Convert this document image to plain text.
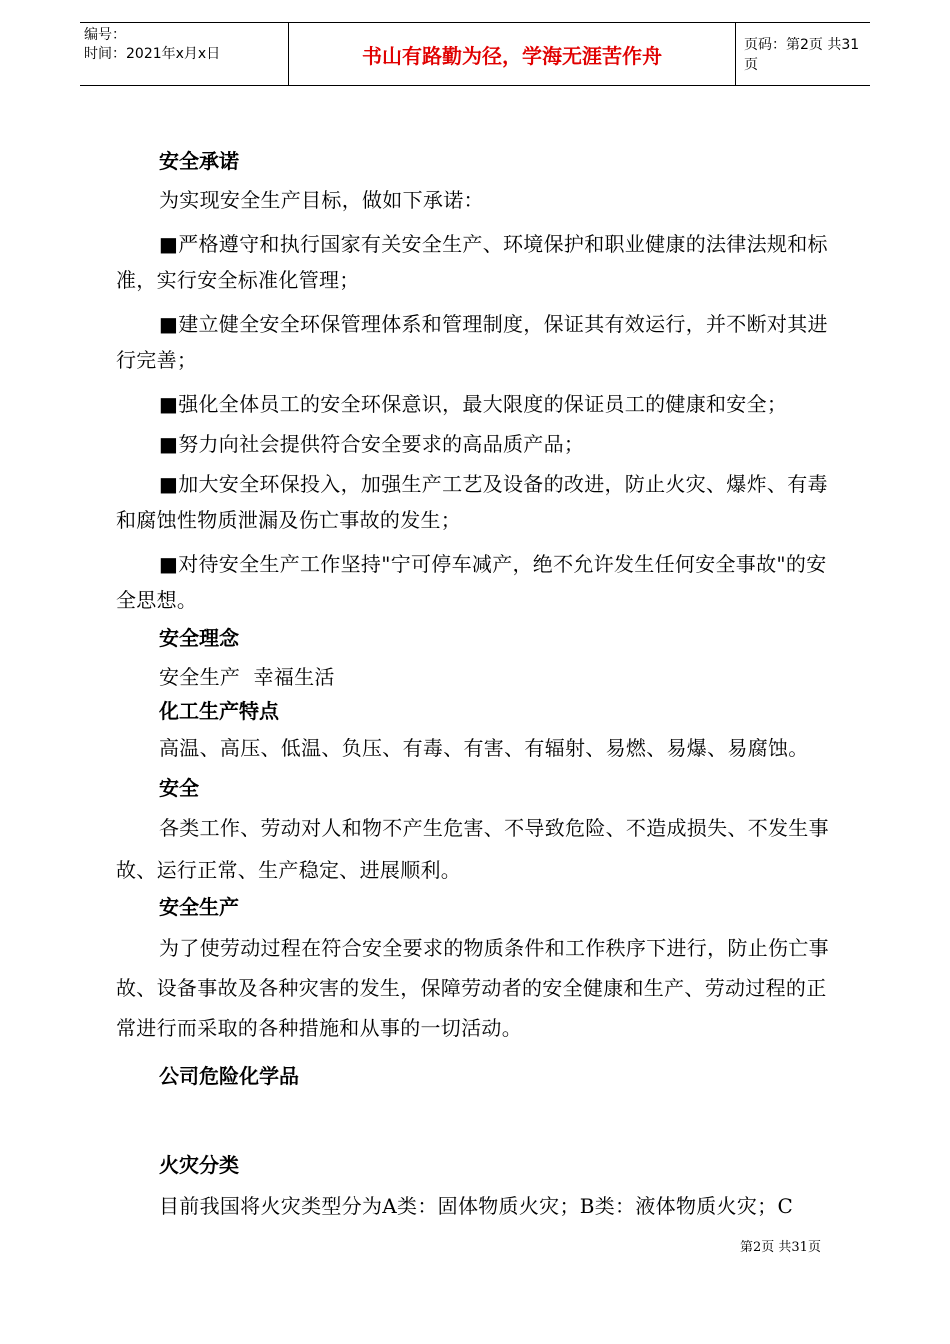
编号：
时间：2021年x月x日	书山有路勤为径，学海无涯苦作舟	页码：第2页 共31页

安全承诺

为实现安全生产目标，做如下承诺：

■严格遵守和执行国家有关安全生产、环境保护和职业健康的法律法规和标准，实行安全标准化管理；

■建立健全安全环保管理体系和管理制度，保证其有效运行，并不断对其进行完善；

■强化全体员工的安全环保意识，最大限度的保证员工的健康和安全；

■努力向社会提供符合安全要求的高品质产品；

■加大安全环保投入，加强生产工艺及设备的改进，防止火灾、爆炸、有毒和腐蚀性物质泄漏及伤亡事故的发生；

■对待安全生产工作坚持"宁可停车减产，绝不允许发生任何安全事故"的安全思想。

安全理念

安全生产  幸福生活

化工生产特点

高温、高压、低温、负压、有毒、有害、有辐射、易燃、易爆、易腐蚀。

安全

各类工作、劳动对人和物不产生危害、不导致危险、不造成损失、不发生事故、运行正常、生产稳定、进展顺利。

安全生产

为了使劳动过程在符合安全要求的物质条件和工作秩序下进行，防止伤亡事故、设备事故及各种灾害的发生，保障劳动者的安全健康和生产、劳动过程的正常进行而采取的各种措施和从事的一切活动。

公司危险化学品

火灾分类

目前我国将火灾类型分为A类：固体物质火灾；B类：液体物质火灾；C

第2页 共31页
